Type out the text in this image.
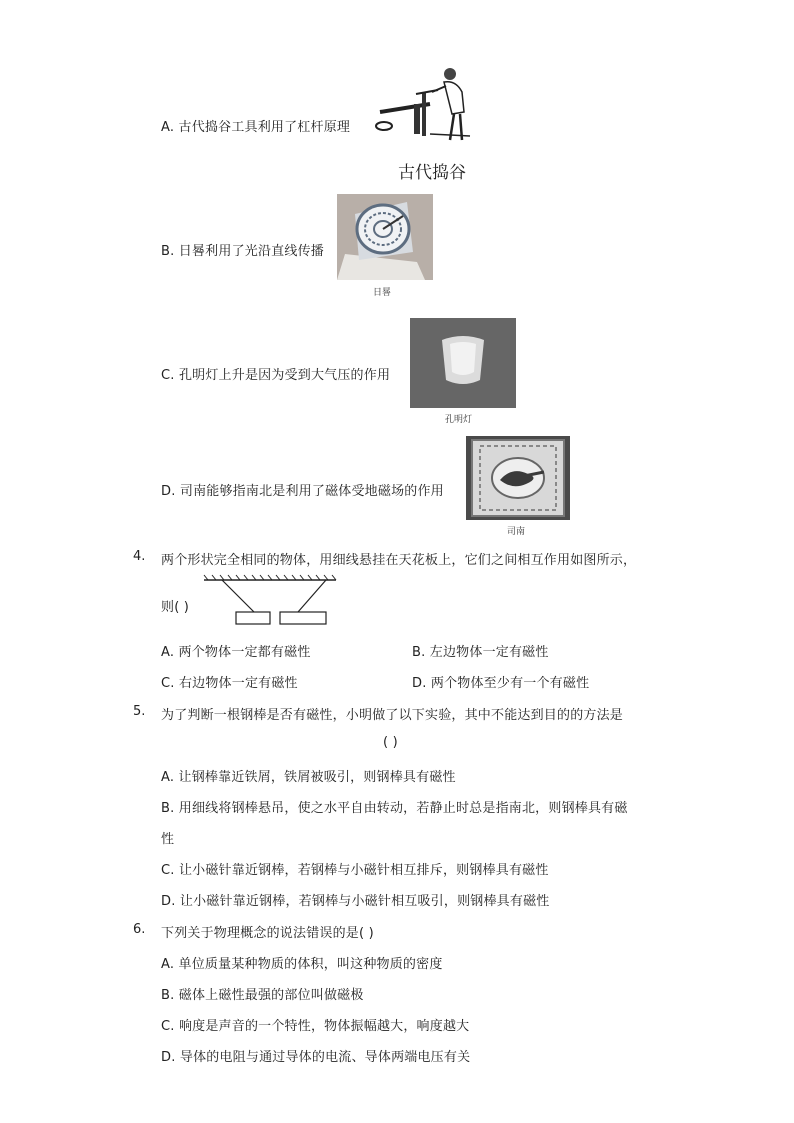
A. 古代捣谷工具利用了杠杆原理
古代捣谷
B. 日晷利用了光沿直线传播
日晷
C. 孔明灯上升是因为受到大气压的作用
孔明灯
D. 司南能够指南北是利用了磁体受地磁场的作用
司南
4. 两个形状完全相同的物体，用细线悬挂在天花板上，它们之间相互作用如图所示，
则( )
A. 两个物体一定都有磁性	B. 左边物体一定有磁性
C. 右边物体一定有磁性	D. 两个物体至少有一个有磁性
5. 为了判断一根钢棒是否有磁性，小明做了以下实验，其中不能达到目的的方法是
( )
A. 让钢棒靠近铁屑，铁屑被吸引，则钢棒具有磁性
B. 用细线将钢棒悬吊，使之水平自由转动，若静止时总是指南北，则钢棒具有磁
性
C. 让小磁针靠近钢棒，若钢棒与小磁针相互排斥，则钢棒具有磁性
D. 让小磁针靠近钢棒，若钢棒与小磁针相互吸引，则钢棒具有磁性
6. 下列关于物理概念的说法错误的是( )
A. 单位质量某种物质的体积，叫这种物质的密度
B. 磁体上磁性最强的部位叫做磁极
C. 响度是声音的一个特性，物体振幅越大，响度越大
D. 导体的电阻与通过导体的电流、导体两端电压有关
